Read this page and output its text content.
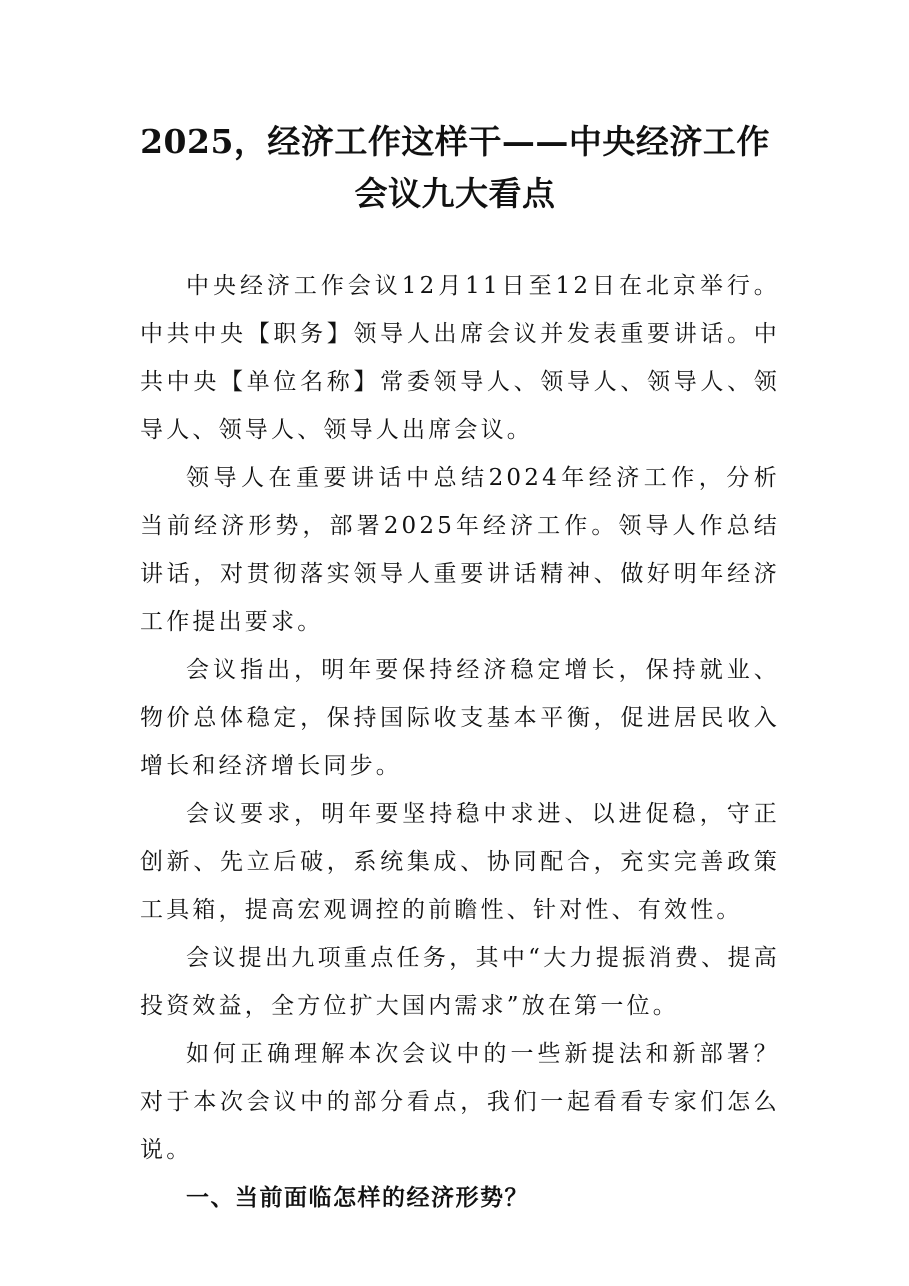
2025，经济工作这样干——中央经济工作
会议九大看点

中央经济工作会议12月11日至12日在北京举行。中共中央【职务】领导人出席会议并发表重要讲话。中共中央【单位名称】常委领导人、领导人、领导人、领导人、领导人、领导人出席会议。

领导人在重要讲话中总结2024年经济工作，分析当前经济形势，部署2025年经济工作。领导人作总结讲话，对贯彻落实领导人重要讲话精神、做好明年经济工作提出要求。

会议指出，明年要保持经济稳定增长，保持就业、物价总体稳定，保持国际收支基本平衡，促进居民收入增长和经济增长同步。

会议要求，明年要坚持稳中求进、以进促稳，守正创新、先立后破，系统集成、协同配合，充实完善政策工具箱，提高宏观调控的前瞻性、针对性、有效性。

会议提出九项重点任务，其中“大力提振消费、提高投资效益，全方位扩大国内需求”放在第一位。

如何正确理解本次会议中的一些新提法和新部署？对于本次会议中的部分看点，我们一起看看专家们怎么说。

一、当前面临怎样的经济形势？
